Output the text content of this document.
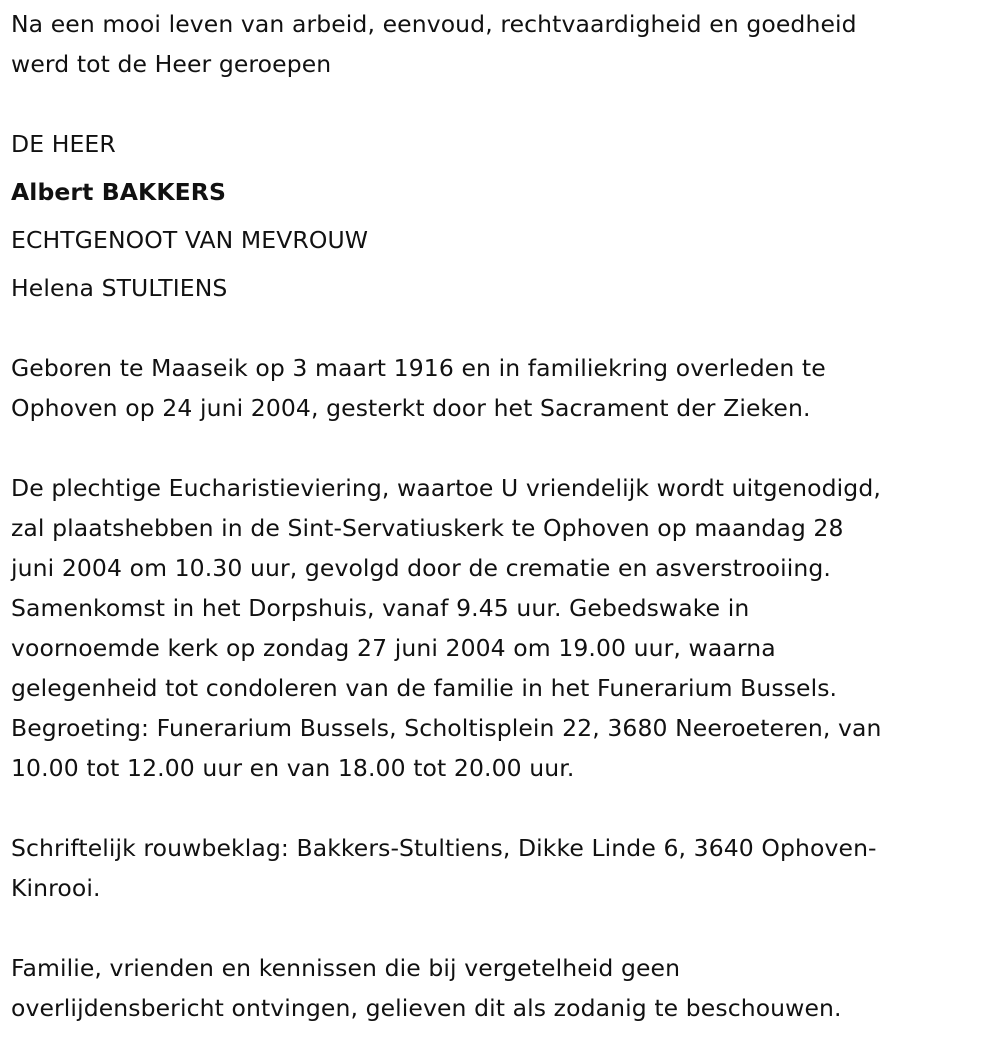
Na een mooi leven van arbeid, eenvoud, rechtvaardigheid en goedheid
werd tot de Heer geroepen
DE HEER
Albert BAKKERS
ECHTGENOOT VAN MEVROUW
Helena STULTIENS
Geboren te Maaseik op 3 maart 1916 en in familiekring overleden te
Ophoven op 24 juni 2004, gesterkt door het Sacrament der Zieken.
De plechtige Eucharistieviering, waartoe U vriendelijk wordt uitgenodigd,
zal plaatshebben in de Sint-Servatiuskerk te Ophoven op maandag 28
juni 2004 om 10.30 uur, gevolgd door de crematie en asverstrooiing.
Samenkomst in het Dorpshuis, vanaf 9.45 uur. Gebedswake in
voornoemde kerk op zondag 27 juni 2004 om 19.00 uur, waarna
gelegenheid tot condoleren van de familie in het Funerarium Bussels.
Begroeting: Funerarium Bussels, Scholtisplein 22, 3680 Neeroeteren, van
10.00 tot 12.00 uur en van 18.00 tot 20.00 uur.
Schriftelijk rouwbeklag: Bakkers-Stultiens, Dikke Linde 6, 3640 Ophoven-
Kinrooi.
Familie, vrienden en kennissen die bij vergetelheid geen
overlijdensbericht ontvingen, gelieven dit als zodanig te beschouwen.
